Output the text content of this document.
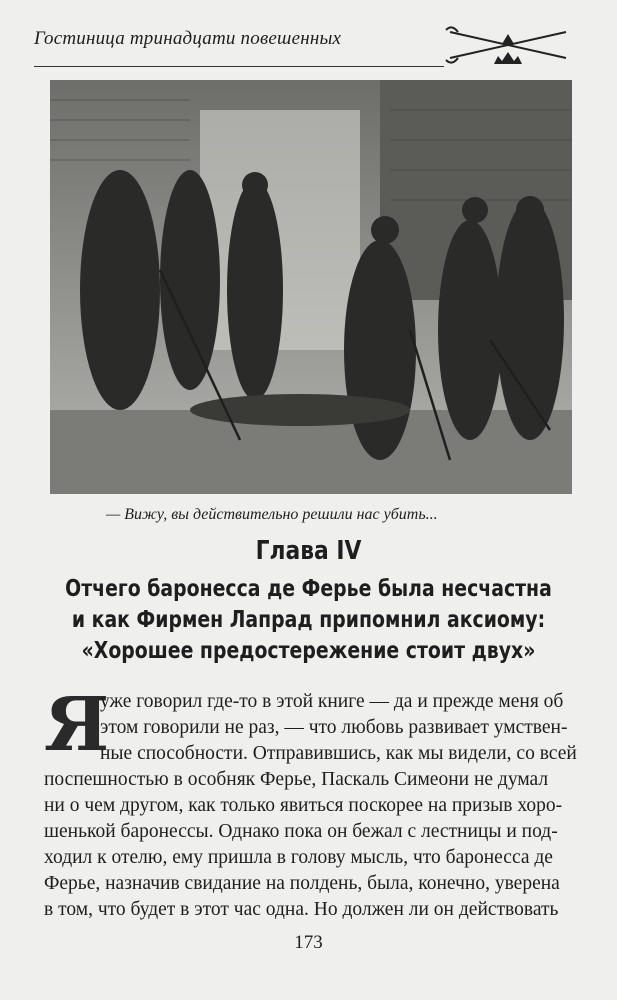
Гостиница тринадцати повешенных
— Вижу, вы действительно решили нас убить...
Глава IV
Отчего баронесса де Ферье была несчастна
и как Фирмен Лапрад припомнил аксиому:
«Хорошее предостережение стоит двух»
Я
уже говорил где-то в этой книге — да и прежде меня об
этом говорили не раз, — что любовь развивает умствен-
ные способности. Отправившись, как мы видели, со всей
поспешностью в особняк Ферье, Паскаль Симеони не думал
ни о чем другом, как только явиться поскорее на призыв хоро-
шенькой баронессы. Однако пока он бежал с лестницы и под-
ходил к отелю, ему пришла в голову мысль, что баронесса де
Ферье, назначив свидание на полдень, была, конечно, уверена
в том, что будет в этот час одна. Но должен ли он действовать
173
